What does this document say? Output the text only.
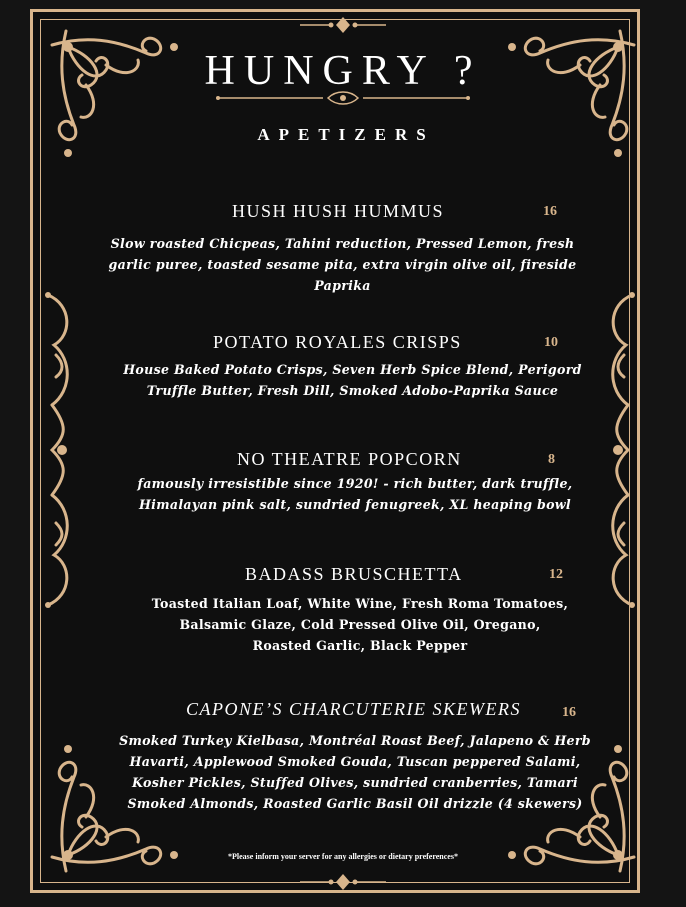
HUNGRY ?
APETIZERS
HUSH HUSH HUMMUS	16
Slow roasted Chicpeas, Tahini reduction, Pressed Lemon, fresh garlic puree, toasted sesame pita, extra virgin olive oil, fireside Paprika
POTATO ROYALES CRISPS	10
House Baked Potato Crisps, Seven Herb Spice Blend, Perigord Truffle Butter, Fresh Dill, Smoked Adobo-Paprika Sauce
NO THEATRE POPCORN	8
famously irresistible since 1920! - rich butter, dark truffle, Himalayan pink salt, sundried fenugreek, XL heaping bowl
BADASS BRUSCHETTA	12
Toasted Italian Loaf, White Wine, Fresh Roma Tomatoes, Balsamic Glaze, Cold Pressed Olive Oil, Oregano, Roasted Garlic, Black Pepper
CAPONE’S CHARCUTERIE SKEWERS	16
Smoked Turkey Kielbasa, Montréal Roast Beef, Jalapeno & Herb Havarti, Applewood Smoked Gouda, Tuscan peppered Salami, Kosher Pickles, Stuffed Olives, sundried cranberries, Tamari Smoked Almonds, Roasted Garlic Basil Oil drizzle (4 skewers)
*Please inform your server for any allergies or dietary preferences*
